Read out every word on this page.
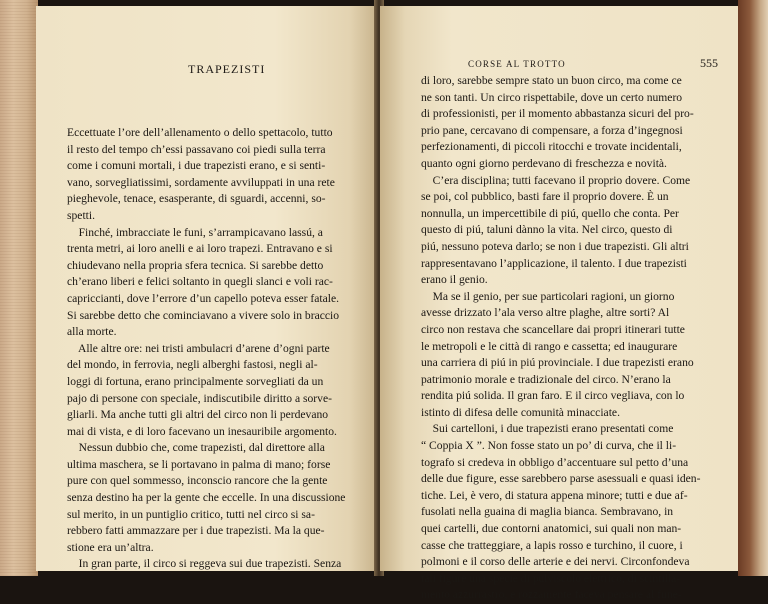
TRAPEZISTI

Eccettuate l’ore dell’allenamento o dello spettacolo, tutto
il resto del tempo ch’essi passavano coi piedi sulla terra
come i comuni mortali, i due trapezisti erano, e si senti-
vano, sorvegliatissimi, sordamente avviluppati in una rete
pieghevole, tenace, esasperante, di sguardi, accenni, so-
spetti.
Finché, imbracciate le funi, s’arrampicavano lassú, a
trenta metri, ai loro anelli e ai loro trapezi. Entravano e si
chiudevano nella propria sfera tecnica. Si sarebbe detto
ch’erano liberi e felici soltanto in quegli slanci e voli rac-
capriccianti, dove l’errore d’un capello poteva esser fatale.
Si sarebbe detto che cominciavano a vivere solo in braccio
alla morte.
Alle altre ore: nei tristi ambulacri d’arene d’ogni parte
del mondo, in ferrovia, negli alberghi fastosi, negli al-
loggi di fortuna, erano principalmente sorvegliati da un
pajo di persone con speciale, indiscutibile diritto a sorve-
gliarli. Ma anche tutti gli altri del circo non li perdevano
mai di vista, e di loro facevano un inesauribile argomento.
Nessun dubbio che, come trapezisti, dal direttore alla
ultima maschera, se li portavano in palma di mano; forse
pure con quel sommesso, inconscio rancore che la gente
senza destino ha per la gente che eccelle. In una discussione
sul merito, in un puntiglio critico, tutti nel circo si sa-
rebbero fatti ammazzare per i due trapezisti. Ma la que-
stione era un’altra.
In gran parte, il circo si reggeva sui due trapezisti. Senza

CORSE AL TROTTO	555

di loro, sarebbe sempre stato un buon circo, ma come ce
ne son tanti. Un circo rispettabile, dove un certo numero
di professionisti, per il momento abbastanza sicuri del pro-
prio pane, cercavano di compensare, a forza d’ingegnosi
perfezionamenti, di piccoli ritocchi e trovate incidentali,
quanto ogni giorno perdevano di freschezza e novità.
C’era disciplina; tutti facevano il proprio dovere. Come
se poi, col pubblico, basti fare il proprio dovere. È un
nonnulla, un impercettibile di piú, quello che conta. Per
questo di piú, taluni dànno la vita. Nel circo, questo di
piú, nessuno poteva darlo; se non i due trapezisti. Gli altri
rappresentavano l’applicazione, il talento. I due trapezisti
erano il genio.
Ma se il genio, per sue particolari ragioni, un giorno
avesse drizzato l’ala verso altre plaghe, altre sorti? Al
circo non restava che scancellare dai propri itinerari tutte
le metropoli e le città di rango e cassetta; ed inaugurare
una carriera di piú in piú provinciale. I due trapezisti erano
patrimonio morale e tradizionale del circo. N’erano la
rendita piú solida. Il gran faro. E il circo vegliava, con lo
istinto di difesa delle comunità minacciate.
Sui cartelloni, i due trapezisti erano presentati come
“ Coppia X ”. Non fosse stato un po’ di curva, che il li-
tografo si credeva in obbligo d’accentuare sul petto d’una
delle due figure, esse sarebbero parse asessuali e quasi iden-
tiche. Lei, è vero, di statura appena minore; tutti e due af-
fusolati nella guaina di maglia bianca. Sembravano, in
quei cartelli, due contorni anatomici, sui quali non man-
casse che tratteggiare, a lapis rosso e turchino, il cuore, i
polmoni e il corso delle arterie e dei nervi. Circonfondeva
tali figure una specie di pulviscolo elettrico, di scintilla-
mento azzurrastro, e rozzamente faceva pensare al fune-
